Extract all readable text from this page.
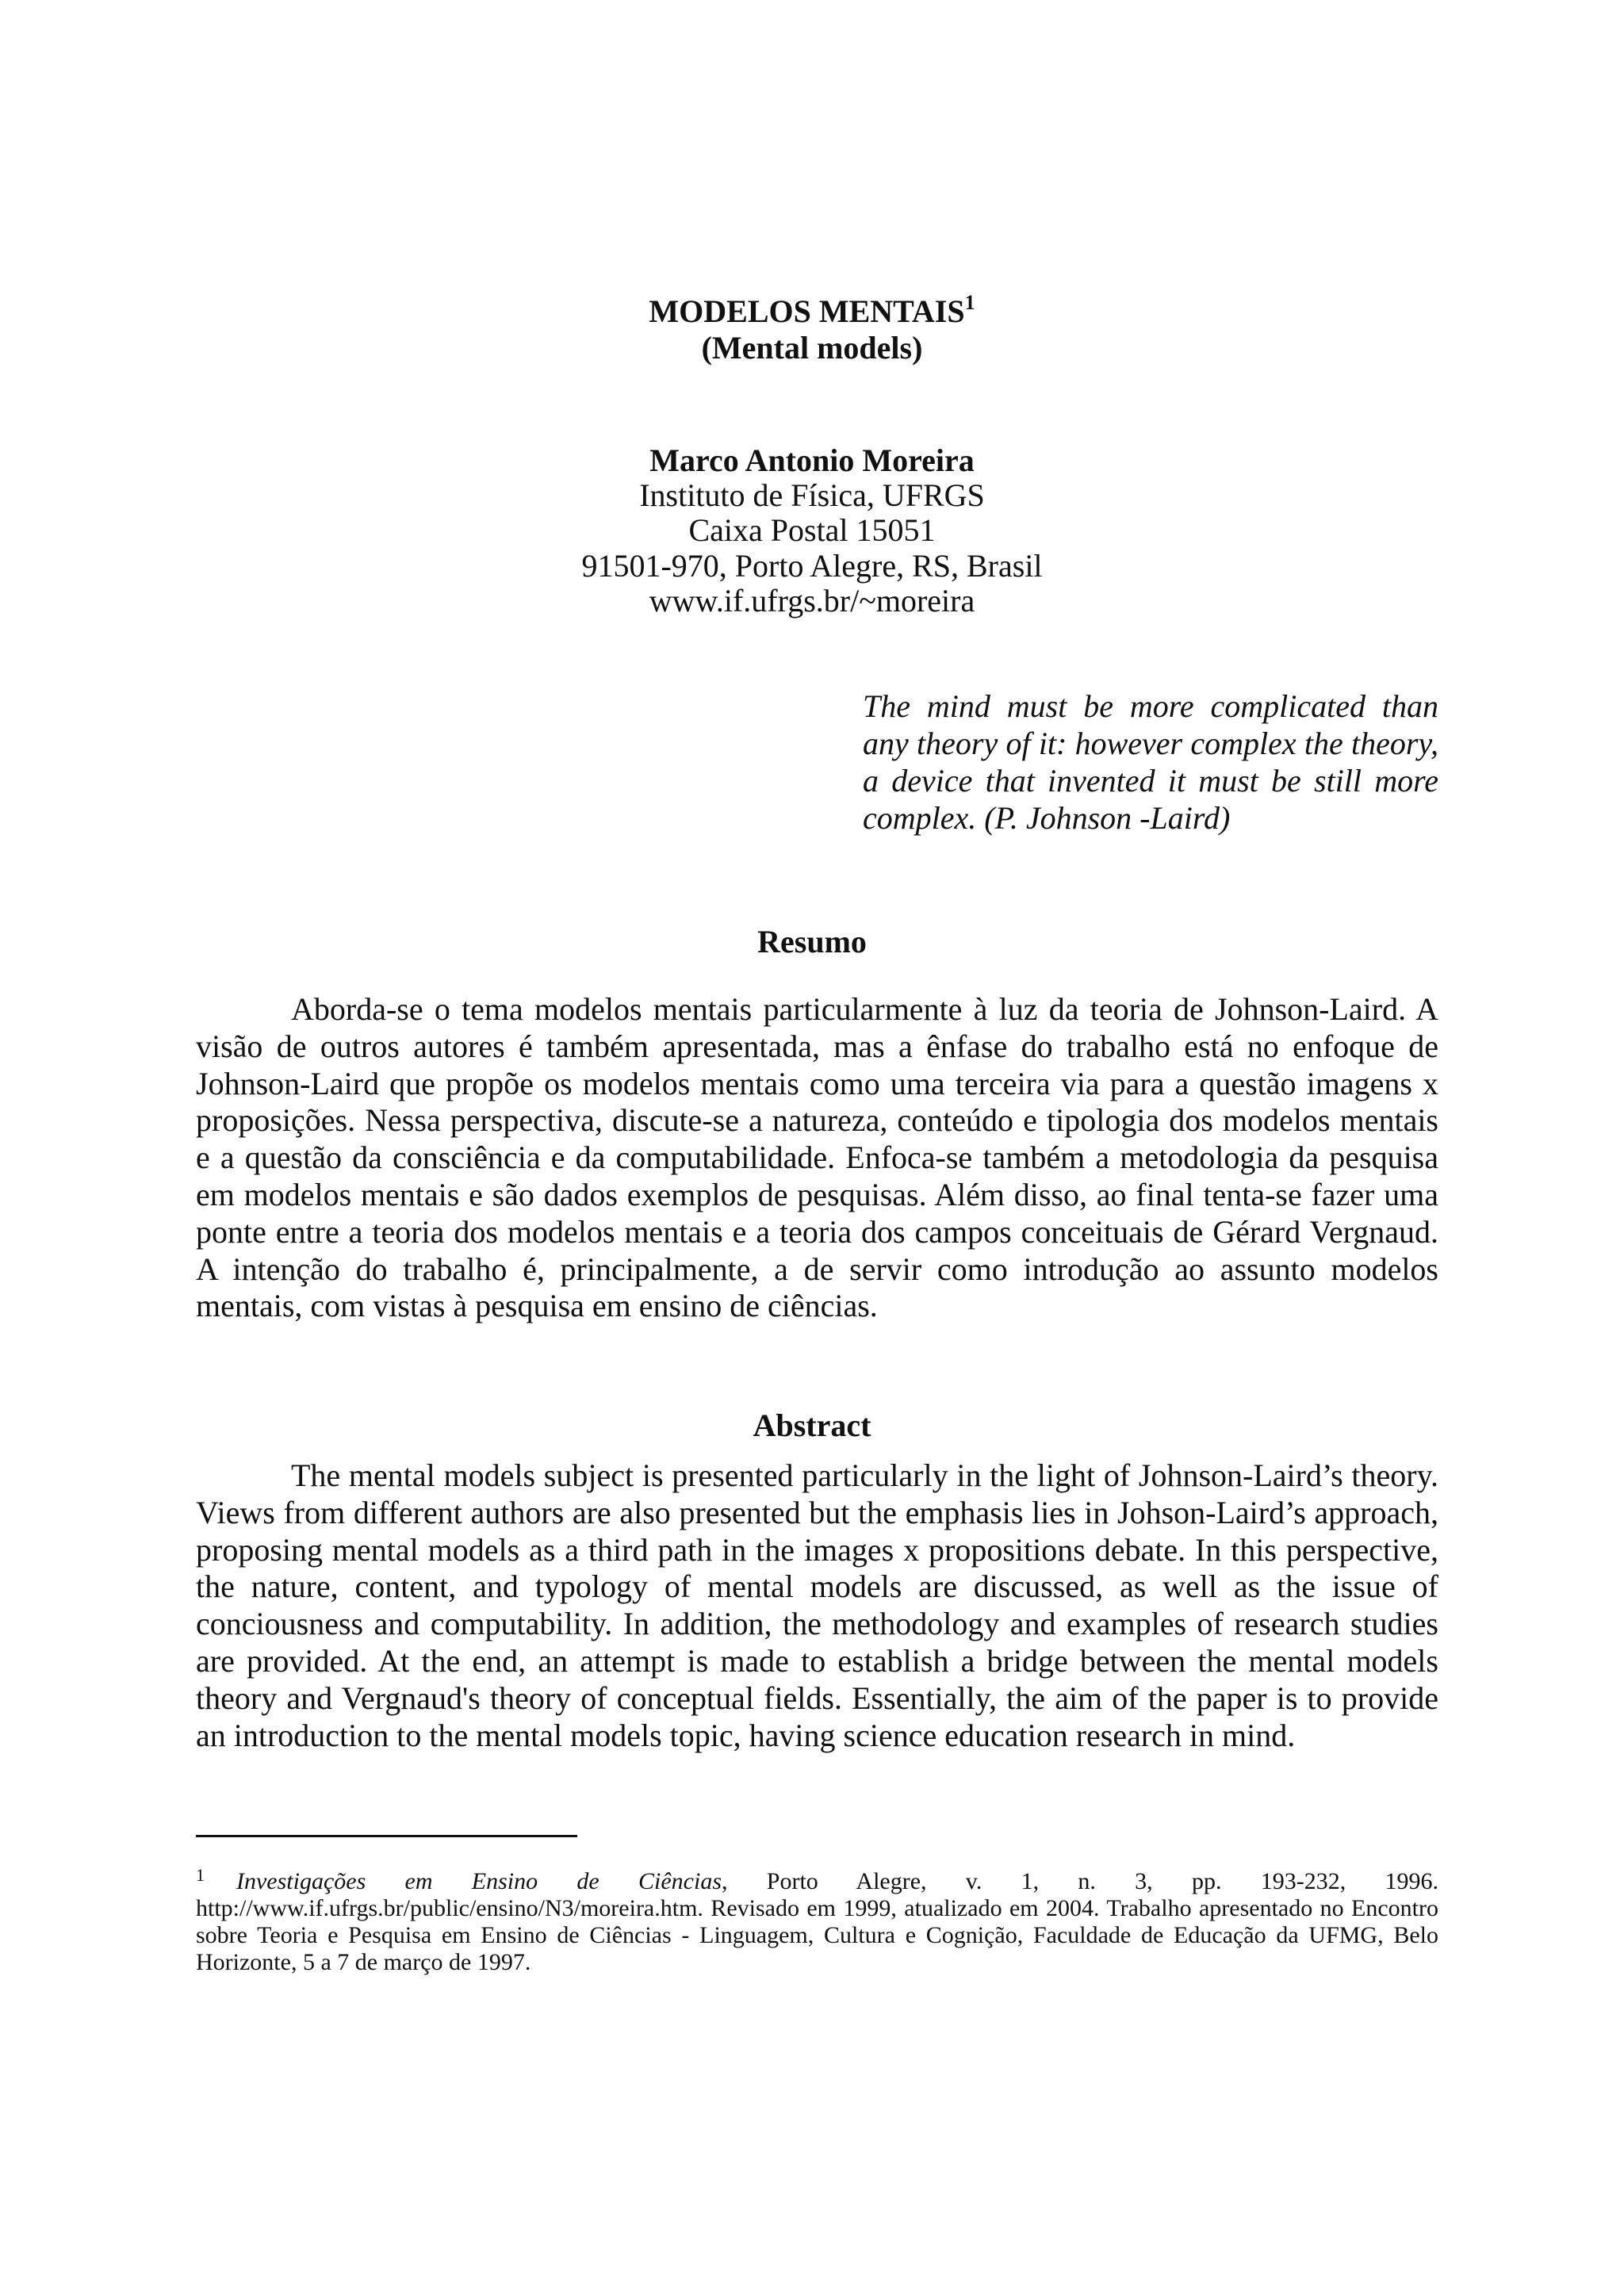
MODELOS MENTAIS$^1$
(Mental models)
Marco Antonio Moreira
Instituto de Física, UFRGS
Caixa Postal 15051
91501-970, Porto Alegre, RS, Brasil
www.if.ufrgs.br/~moreira
The mind must be more complicated than any theory of it: however complex the theory, a device that invented it must be still more complex. (P. Johnson -Laird)
Resumo
Aborda-se o tema modelos mentais particularmente à luz da teoria de Johnson-Laird. A visão de outros autores é também apresentada, mas a ênfase do trabalho está no enfoque de Johnson-Laird que propõe os modelos mentais como uma terceira via para a questão imagens x proposições. Nessa perspectiva, discute-se a natureza, conteúdo e tipologia dos modelos mentais e a questão da consciência e da computabilidade. Enfoca-se também a metodologia da pesquisa em modelos mentais e são dados exemplos de pesquisas. Além disso, ao final tenta-se fazer uma ponte entre a teoria dos modelos mentais e a teoria dos campos conceituais de Gérard Vergnaud. A intenção do trabalho é, principalmente, a de servir como introdução ao assunto modelos mentais, com vistas à pesquisa em ensino de ciências.
Abstract
The mental models subject is presented particularly in the light of Johnson-Laird’s theory. Views from different authors are also presented but the emphasis lies in Johson-Laird’s approach, proposing mental models as a third path in the images x propositions debate. In this perspective, the nature, content, and typology of mental models are discussed, as well as the issue of conciousness and computability. In addition, the methodology and examples of research studies are provided. At the end, an attempt is made to establish a bridge between the mental models theory and Vergnaud's theory of conceptual fields. Essentially, the aim of the paper is to provide an introduction to the mental models topic, having science education research in mind.
$^1$ Investigações em Ensino de Ciências, Porto Alegre, v. 1, n. 3, pp. 193-232, 1996. http://www.if.ufrgs.br/public/ensino/N3/moreira.htm. Revisado em 1999, atualizado em 2004. Trabalho apresentado no Encontro sobre Teoria e Pesquisa em Ensino de Ciências - Linguagem, Cultura e Cognição, Faculdade de Educação da UFMG, Belo Horizonte, 5 a 7 de março de 1997.
